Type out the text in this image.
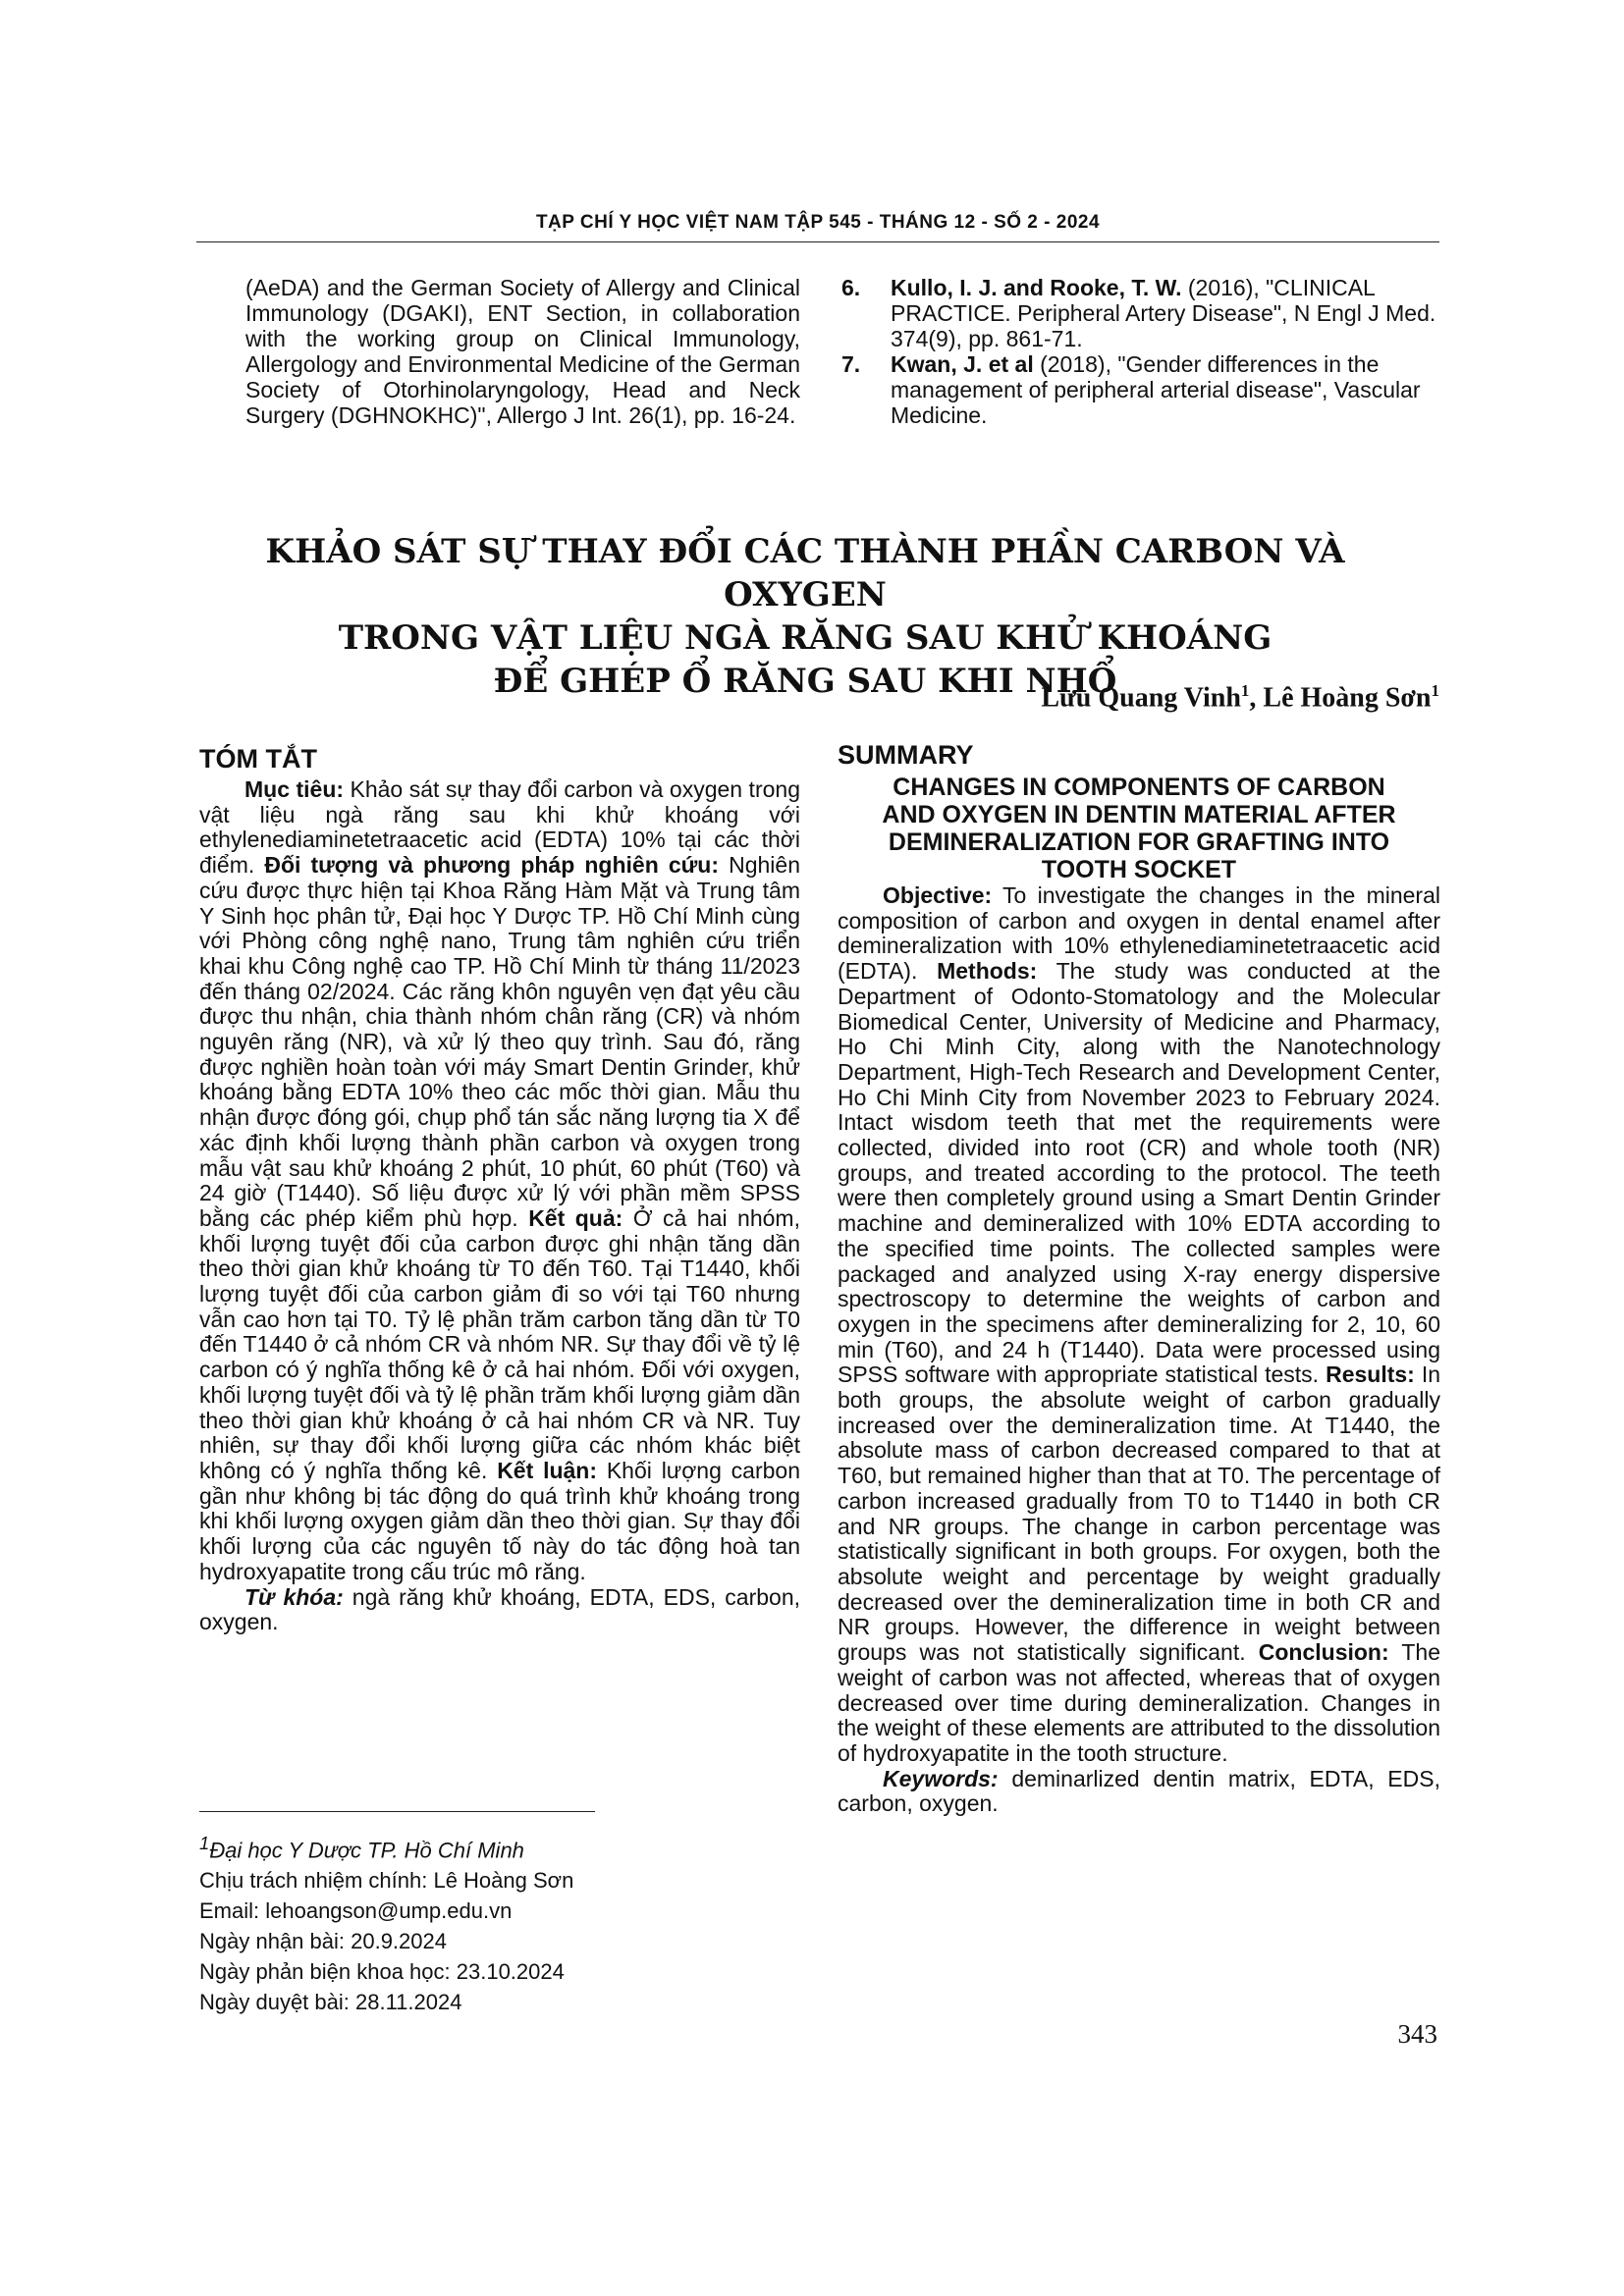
TẠP CHÍ Y HỌC VIỆT NAM TẬP 545 - THÁNG 12 - SỐ 2 - 2024
(AeDA) and the German Society of Allergy and Clinical Immunology (DGAKI), ENT Section, in collaboration with the working group on Clinical Immunology, Allergology and Environmental Medicine of the German Society of Otorhinolaryngology, Head and Neck Surgery (DGHNOKHC)", Allergo J Int. 26(1), pp. 16-24.
6.	Kullo, I. J. and Rooke, T. W. (2016), "CLINICAL PRACTICE. Peripheral Artery Disease", N Engl J Med. 374(9), pp. 861-71.
7.	Kwan, J. et al (2018), "Gender differences in the management of peripheral arterial disease", Vascular Medicine.
KHẢO SÁT SỰ THAY ĐỔI CÁC THÀNH PHẦN CARBON VÀ OXYGEN
TRONG VẬT LIỆU NGÀ RĂNG SAU KHỬ KHOÁNG
ĐỂ GHÉP Ổ RĂNG SAU KHI NHỔ
Lưu Quang Vinh$^1$, Lê Hoàng Sơn$^1$
TÓM TẮT

Mục tiêu: Khảo sát sự thay đổi carbon và oxygen trong vật liệu ngà răng sau khi khử khoáng với ethylenediaminetetraacetic acid (EDTA) 10% tại các thời điểm. Đối tượng và phương pháp nghiên cứu: Nghiên cứu được thực hiện tại Khoa Răng Hàm Mặt và Trung tâm Y Sinh học phân tử, Đại học Y Dược TP. Hồ Chí Minh cùng với Phòng công nghệ nano, Trung tâm nghiên cứu triển khai khu Công nghệ cao TP. Hồ Chí Minh từ tháng 11/2023 đến tháng 02/2024. Các răng khôn nguyên vẹn đạt yêu cầu được thu nhận, chia thành nhóm chân răng (CR) và nhóm nguyên răng (NR), và xử lý theo quy trình. Sau đó, răng được nghiền hoàn toàn với máy Smart Dentin Grinder, khử khoáng bằng EDTA 10% theo các mốc thời gian. Mẫu thu nhận được đóng gói, chụp phổ tán sắc năng lượng tia X để xác định khối lượng thành phần carbon và oxygen trong mẫu vật sau khử khoáng 2 phút, 10 phút, 60 phút (T60) và 24 giờ (T1440). Số liệu được xử lý với phần mềm SPSS bằng các phép kiểm phù hợp. Kết quả: Ở cả hai nhóm, khối lượng tuyệt đối của carbon được ghi nhận tăng dần theo thời gian khử khoáng từ T0 đến T60. Tại T1440, khối lượng tuyệt đối của carbon giảm đi so với tại T60 nhưng vẫn cao hơn tại T0. Tỷ lệ phần trăm carbon tăng dần từ T0 đến T1440 ở cả nhóm CR và nhóm NR. Sự thay đổi về tỷ lệ carbon có ý nghĩa thống kê ở cả hai nhóm. Đối với oxygen, khối lượng tuyệt đối và tỷ lệ phần trăm khối lượng giảm dần theo thời gian khử khoáng ở cả hai nhóm CR và NR. Tuy nhiên, sự thay đổi khối lượng giữa các nhóm khác biệt không có ý nghĩa thống kê. Kết luận: Khối lượng carbon gần như không bị tác động do quá trình khử khoáng trong khi khối lượng oxygen giảm dần theo thời gian. Sự thay đổi khối lượng của các nguyên tố này do tác động hoà tan hydroxyapatite trong cấu trúc mô răng.

Từ khóa: ngà răng khử khoáng, EDTA, EDS, carbon, oxygen.

$^1$Đại học Y Dược TP. Hồ Chí Minh
Chịu trách nhiệm chính: Lê Hoàng Sơn
Email: lehoangson@ump.edu.vn
Ngày nhận bài: 20.9.2024
Ngày phản biện khoa học: 23.10.2024
Ngày duyệt bài: 28.11.2024
SUMMARY
CHANGES IN COMPONENTS OF CARBON
AND OXYGEN IN DENTIN MATERIAL AFTER
DEMINERALIZATION FOR GRAFTING INTO
TOOTH SOCKET

Objective: To investigate the changes in the mineral composition of carbon and oxygen in dental enamel after demineralization with 10% ethylenediaminetetraacetic acid (EDTA). Methods: The study was conducted at the Department of Odonto-Stomatology and the Molecular Biomedical Center, University of Medicine and Pharmacy, Ho Chi Minh City, along with the Nanotechnology Department, High-Tech Research and Development Center, Ho Chi Minh City from November 2023 to February 2024. Intact wisdom teeth that met the requirements were collected, divided into root (CR) and whole tooth (NR) groups, and treated according to the protocol. The teeth were then completely ground using a Smart Dentin Grinder machine and demineralized with 10% EDTA according to the specified time points. The collected samples were packaged and analyzed using X-ray energy dispersive spectroscopy to determine the weights of carbon and oxygen in the specimens after demineralizing for 2, 10, 60 min (T60), and 24 h (T1440). Data were processed using SPSS software with appropriate statistical tests. Results: In both groups, the absolute weight of carbon gradually increased over the demineralization time. At T1440, the absolute mass of carbon decreased compared to that at T60, but remained higher than that at T0. The percentage of carbon increased gradually from T0 to T1440 in both CR and NR groups. The change in carbon percentage was statistically significant in both groups. For oxygen, both the absolute weight and percentage by weight gradually decreased over the demineralization time in both CR and NR groups. However, the difference in weight between groups was not statistically significant. Conclusion: The weight of carbon was not affected, whereas that of oxygen decreased over time during demineralization. Changes in the weight of these elements are attributed to the dissolution of hydroxyapatite in the tooth structure.

Keywords: deminarlized dentin matrix, EDTA, EDS, carbon, oxygen.

343
